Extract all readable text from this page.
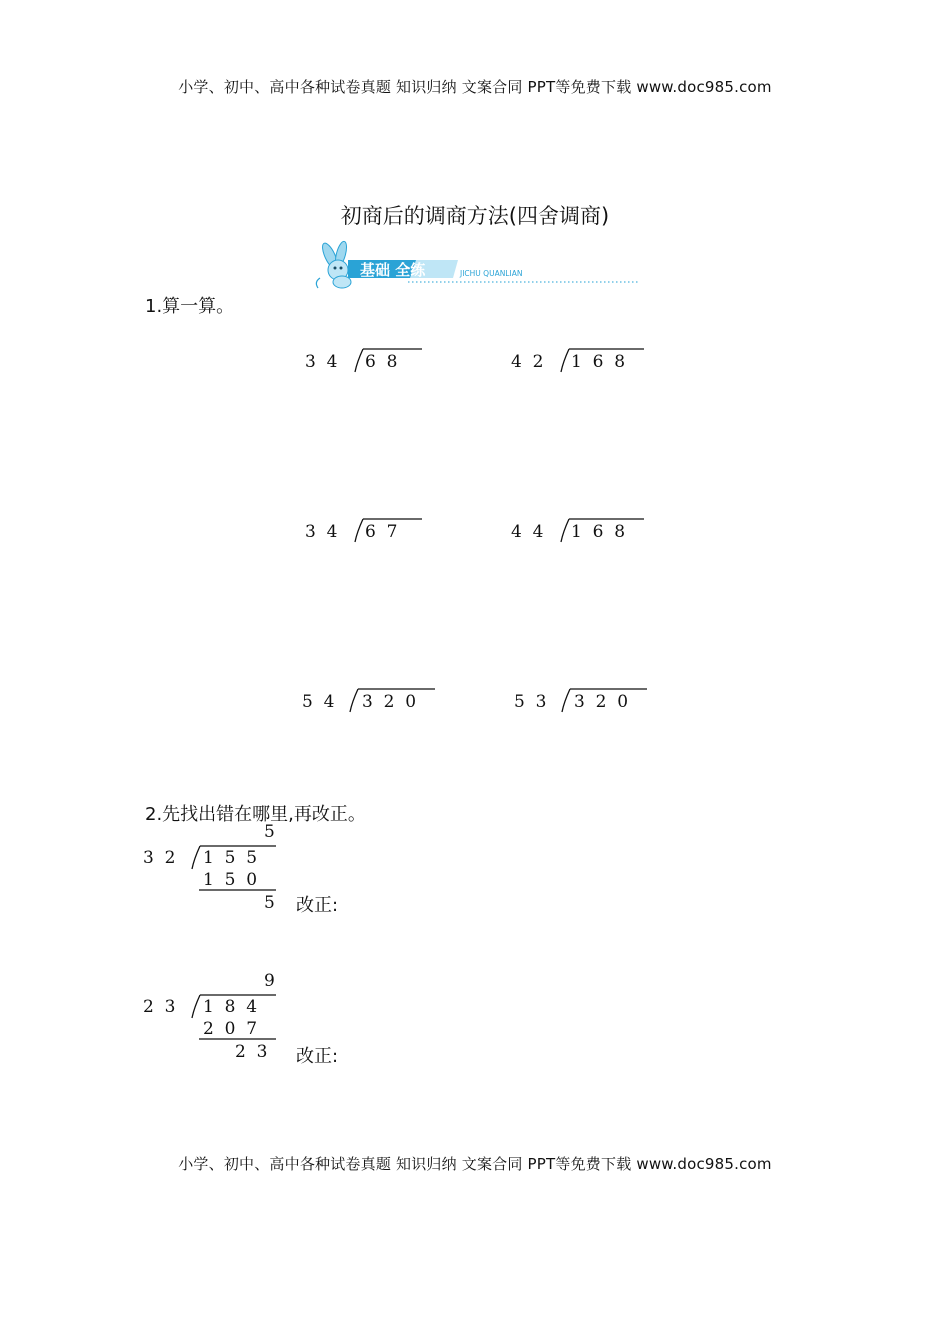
小学、初中、高中各种试卷真题 知识归纳 文案合同 PPT等免费下载 www.doc985.com
初商后的调商方法(四舍调商)
基础 全练	JICHU QUANLIAN
1.算一算。
3  4 6  8	4  2 1  6  8
3  4 6  7	4  4 1  6  8
5  4 3  2  0	5  3 3  2  0
2.先找出错在哪里,再改正。
5
3  2 1  5  5
1  5  0
5 改正:
9
2  3 1  8  4
2  0  7
2  3 改正:
小学、初中、高中各种试卷真题 知识归纳 文案合同 PPT等免费下载 www.doc985.com
